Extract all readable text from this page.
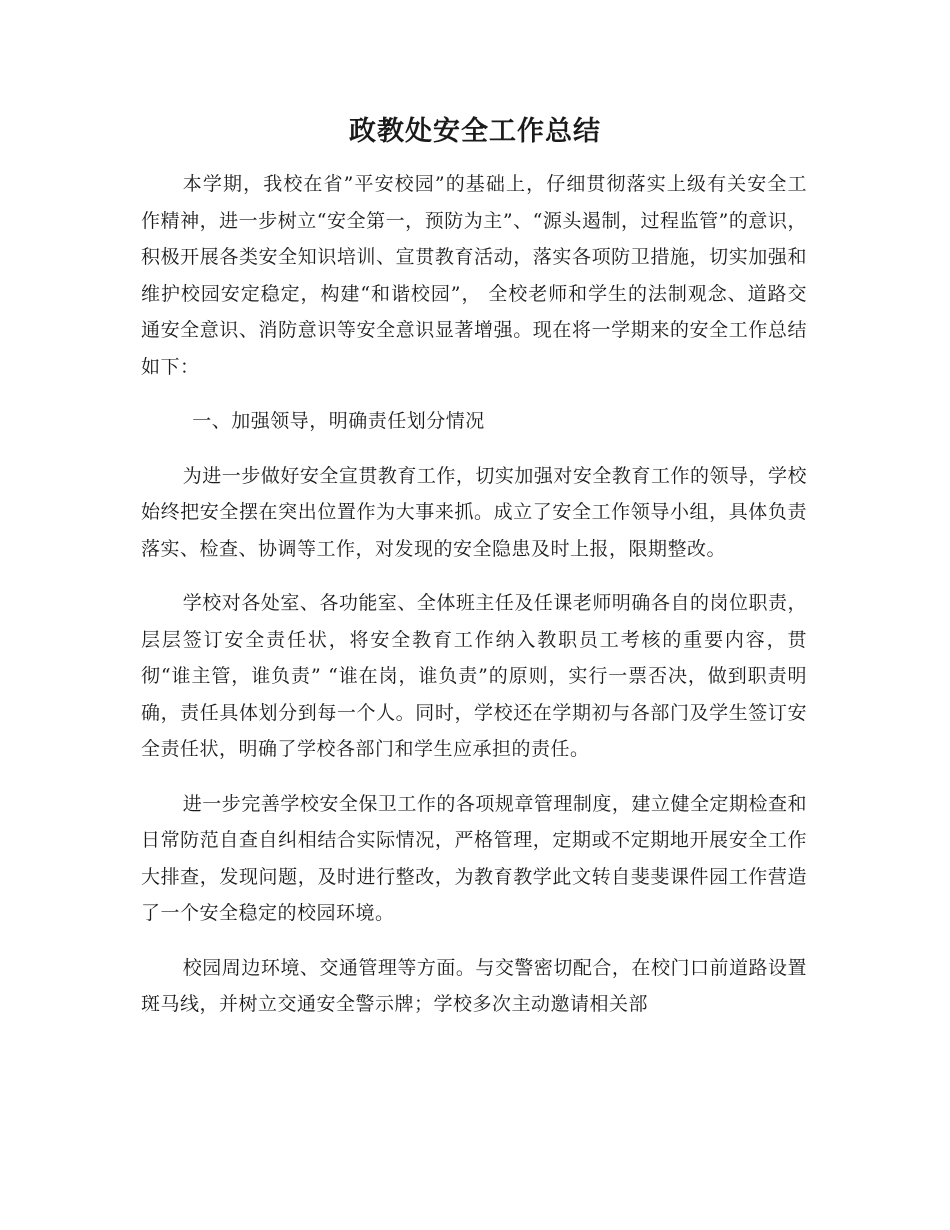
政教处安全工作总结

本学期，我校在省”平安校园”的基础上，仔细贯彻落实上级有关安全工作精神，进一步树立“安全第一，预防为主”、“源头遏制，过程监管”的意识，积极开展各类安全知识培训、宣贯教育活动，落实各项防卫措施，切实加强和维护校园安定稳定，构建“和谐校园”， 全校老师和学生的法制观念、道路交通安全意识、消防意识等安全意识显著增强。现在将一学期来的安全工作总结如下：

一、加强领导，明确责任划分情况

为进一步做好安全宣贯教育工作，切实加强对安全教育工作的领导，学校始终把安全摆在突出位置作为大事来抓。成立了安全工作领导小组，具体负责落实、检查、协调等工作，对发现的安全隐患及时上报，限期整改。

学校对各处室、各功能室、全体班主任及任课老师明确各自的岗位职责，层层签订安全责任状，将安全教育工作纳入教职员工考核的重要内容，贯彻“谁主管，谁负责” “谁在岗，谁负责”的原则，实行一票否决，做到职责明确，责任具体划分到每一个人。同时，学校还在学期初与各部门及学生签订安全责任状，明确了学校各部门和学生应承担的责任。

进一步完善学校安全保卫工作的各项规章管理制度，建立健全定期检查和日常防范自查自纠相结合实际情况，严格管理，定期或不定期地开展安全工作大排查，发现问题，及时进行整改，为教育教学此文转自斐斐课件园工作营造了一个安全稳定的校园环境。

校园周边环境、交通管理等方面。与交警密切配合，在校门口前道路设置斑马线，并树立交通安全警示牌；学校多次主动邀请相关部
